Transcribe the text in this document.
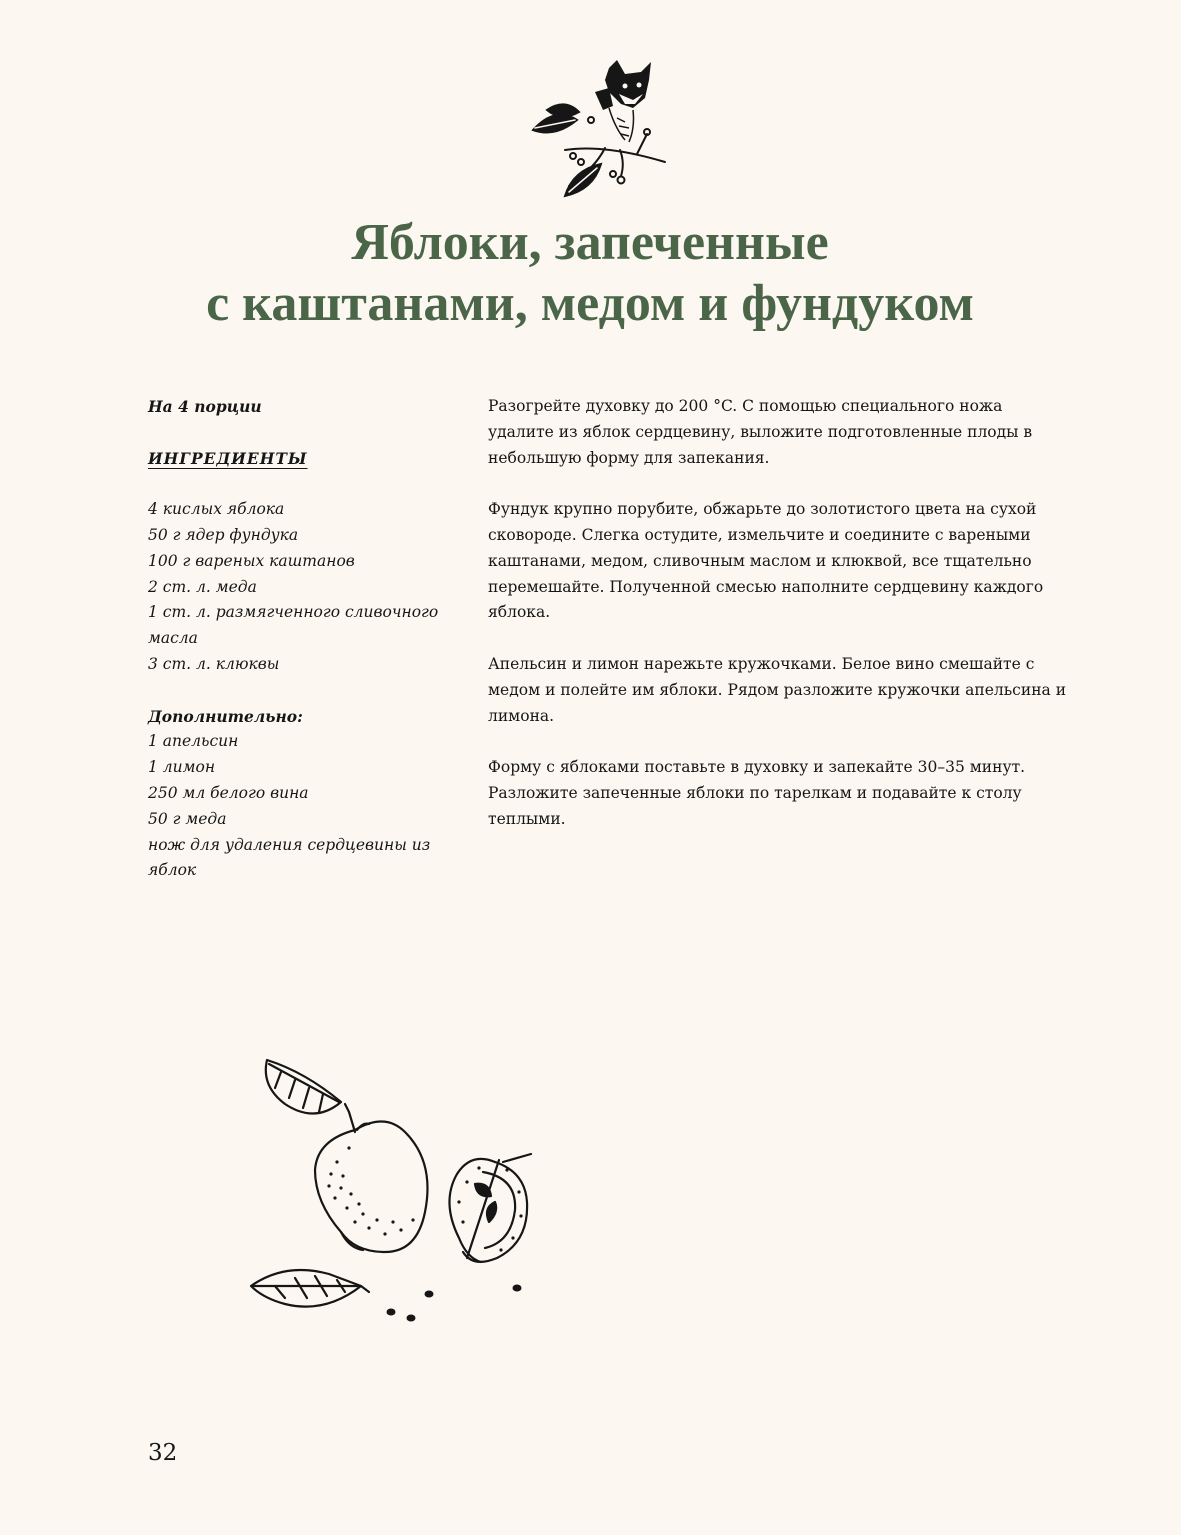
Яблоки, запеченные
с каштанами, медом и фундуком
На 4 порции
ИНГРЕДИЕНТЫ
4 кислых яблока
50 г ядер фундука
100 г вареных каштанов
2 ст. л. меда
1 ст. л. размягченного сливочного масла
3 ст. л. клюквы
Дополнительно:
1 апельсин
1 лимон
250 мл белого вина
50 г меда
нож для удаления сердцевины из яблок

Разогрейте духовку до 200 °C. С помощью специального ножа удалите из яблок сердцевину, выложите подготовленные плоды в небольшую форму для запекания.

Фундук крупно порубите, обжарьте до золотистого цвета на сухой сковороде. Слегка остудите, измельчите и соедините с вареными каштанами, медом, сливочным маслом и клюквой, все тщательно перемешайте. Полученной смесью наполните сердцевину каждого яблока.

Апельсин и лимон нарежьте кружочками. Белое вино смешайте с медом и полейте им яблоки. Рядом разложите кружочки апельсина и лимона.

Форму с яблоками поставьте в духовку и запекайте 30–35 минут. Разложите запеченные яблоки по тарелкам и подавайте к столу теплыми.

32
